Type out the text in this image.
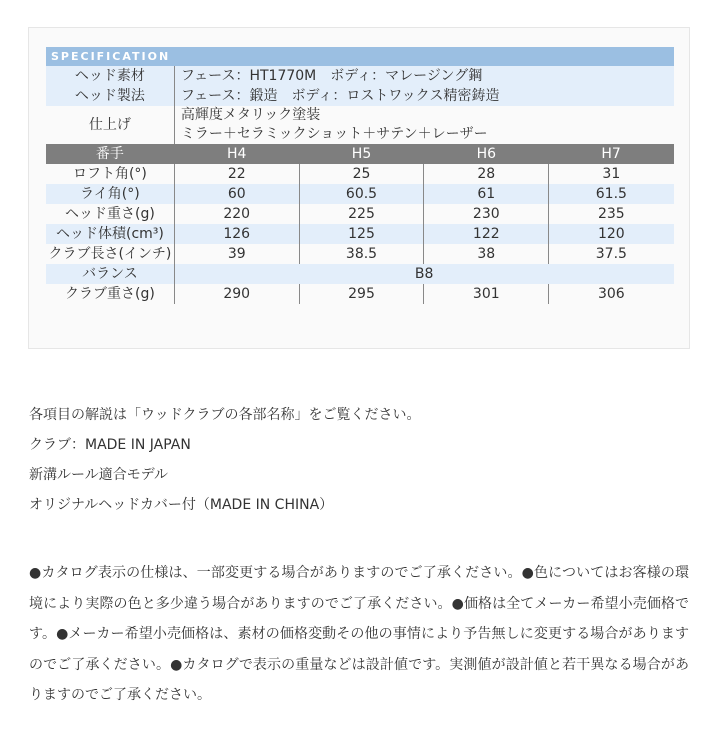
SPECIFICATION
ヘッド素材	フェース：HT1770M　ボディ：マレージング鋼			
ヘッド製法	フェース：鍛造　ボディ：ロストワックス精密鋳造			
仕上げ	高輝度メタリック塗装
ミラー＋セラミックショット＋サテン＋レーザー			

番手	H4	H5	H6	H7
ロフト角(°)	22	25	28	31
ライ角(°)	60	60.5	61	61.5
ヘッド重さ(g)	220	225	230	235
ヘッド体積(cm³)	126	125	122	120
クラブ長さ(インチ)	39	38.5	38	37.5
バランス	B8			
クラブ重さ(g)	290	295	301	306
各項目の解説は「ウッドクラブの各部名称」をご覧ください。
クラブ：MADE IN JAPAN
新溝ルール適合モデル
オリジナルヘッドカバー付（MADE IN CHINA）
●カタログ表示の仕様は、一部変更する場合がありますのでご了承ください。●色についてはお客様の環境により実際の色と多少違う場合がありますのでご了承ください。●価格は全てメーカー希望小売価格です。●メーカー希望小売価格は、素材の価格変動その他の事情により予告無しに変更する場合がありますのでご了承ください。●カタログで表示の重量などは設計値です。実測値が設計値と若干異なる場合がありますのでご了承ください。
